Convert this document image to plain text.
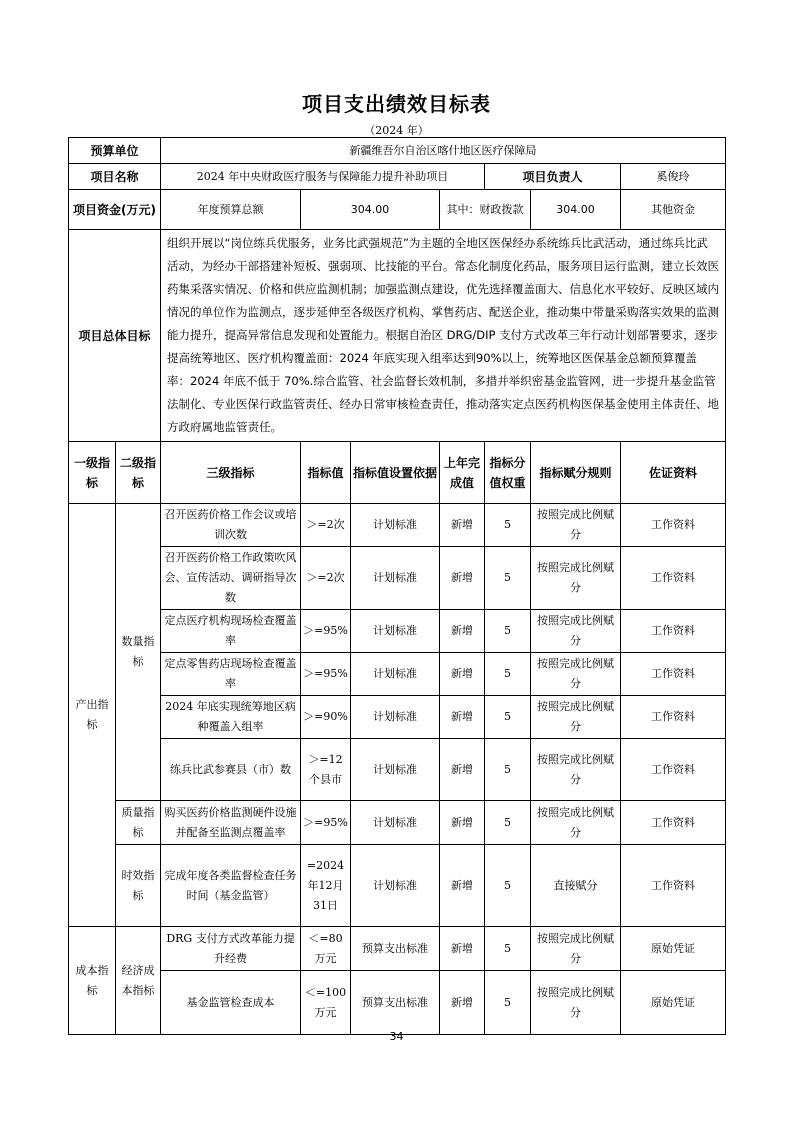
项目支出绩效目标表
（2024 年）
预算单位		新疆维吾尔自治区喀什地区医疗保障局						
项目名称		2024 年中央财政医疗服务与保障能力提升补助项目				项目负责人		奚俊玲
项目资金(万元)		年度预算总额	304.00		其中：财政拨款		304.00	其他资金
项目总体目标		组织开展以“岗位练兵优服务，业务比武强规范”为主题的全地区医保经办系统练兵比武活动，通过练兵比武活动，为经办干部搭建补短板、强弱项、比技能的平台。常态化制度化药品，服务项目运行监测，建立长效医药集采落实情况、价格和供应监测机制；加强监测点建设，优先选择覆盖面大、信息化水平较好、反映区域内情况的单位作为监测点，逐步延伸至各级医疗机构、掌售药店、配送企业，推动集中带量采购落实效果的监测能力提升，提高异常信息发现和处置能力。根据自治区 DRG/DIP 支付方式改革三年行动计划部署要求，逐步提高统筹地区、医疗机构覆盖面：2024 年底实现入组率达到90%以上，统筹地区医保基金总额预算覆盖率：2024 年底不低于 70%.综合监管、社会监督长效机制，多措并举织密基金监管网，进一步提升基金监管法制化、专业医保行政监管责任、经办日常审核检查责任，推动落实定点医药机构医保基金使用主体责任、地方政府属地监管责任。						
一级指标	二级指标	三级指标	指标值	指标值设置依据	上年完成值	指标分值权重	指标赋分规则	佐证资料
产出指标	数量指标	召开医药价格工作会议或培训次数	＞=2次	计划标准	新增	5	按照完成比例赋分	工作资料
		召开医药价格工作政策吹风会、宣传活动、调研指导次数	＞=2次	计划标准	新增	5	按照完成比例赋分	工作资料
		定点医疗机构现场检查覆盖率	＞=95%	计划标准	新增	5	按照完成比例赋分	工作资料
		定点零售药店现场检查覆盖率	＞=95%	计划标准	新增	5	按照完成比例赋分	工作资料
		2024 年底实现统筹地区病种覆盖入组率	＞=90%	计划标准	新增	5	按照完成比例赋分	工作资料
		练兵比武参赛县（市）数	＞=12个县市	计划标准	新增	5	按照完成比例赋分	工作资料
	质量指标	购买医药价格监测硬件设施并配备至监测点覆盖率	＞=95%	计划标准	新增	5	按照完成比例赋分	工作资料
	时效指标	完成年度各类监督检查任务时间（基金监管）	=2024年12月31日	计划标准	新增	5	直接赋分	工作资料
成本指标	经济成本指标	DRG 支付方式改革能力提升经费	＜=80万元	预算支出标准	新增	5	按照完成比例赋分	原始凭证
		基金监管检查成本	＜=100万元	预算支出标准	新增	5	按照完成比例赋分	原始凭证
34
